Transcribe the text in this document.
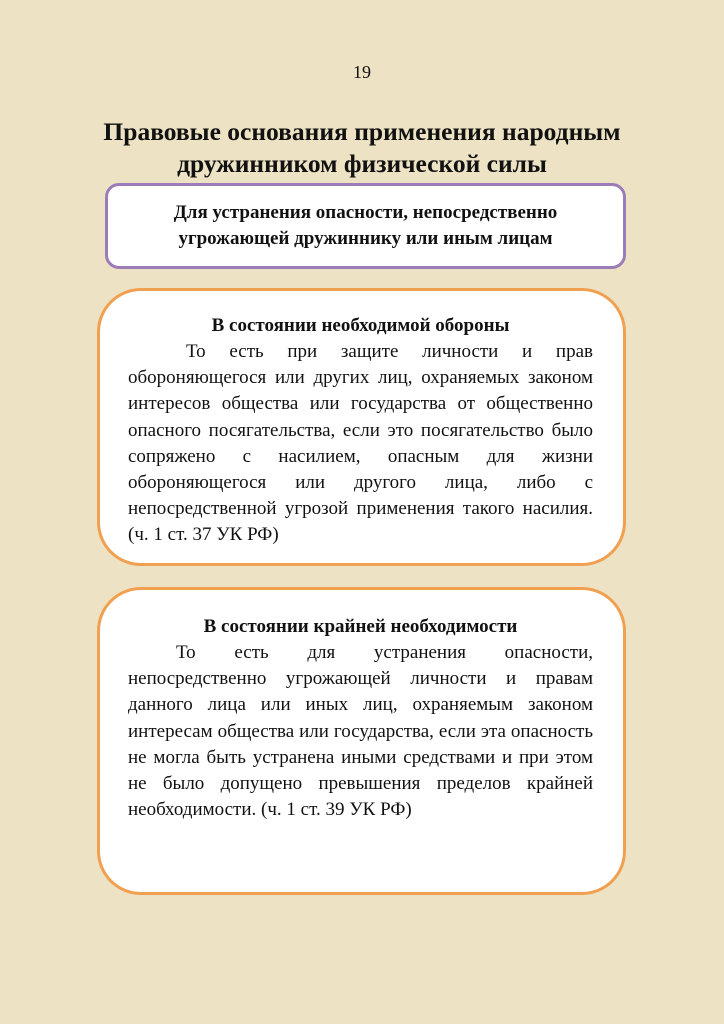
19
Правовые основания применения народным дружинником физической силы
Для устранения опасности, непосредственно угрожающей дружиннику или иным лицам
В состоянии необходимой обороны
То есть при защите личности и прав обороняющегося или других лиц, охраняемых законом интересов общества или государства от общественно опасного посягательства, если это посягательство было сопряжено с насилием, опасным для жизни обороняющегося или другого лица, либо с непосредственной угрозой применения такого насилия. (ч. 1 ст. 37 УК РФ)
В состоянии крайней необходимости
То есть для устранения опасности, непосредственно угрожающей личности и правам данного лица или иных лиц, охраняемым законом интересам общества или государства, если эта опасность не могла быть устранена иными средствами и при этом не было допущено превышения пределов крайней необходимости. (ч. 1 ст. 39 УК РФ)
